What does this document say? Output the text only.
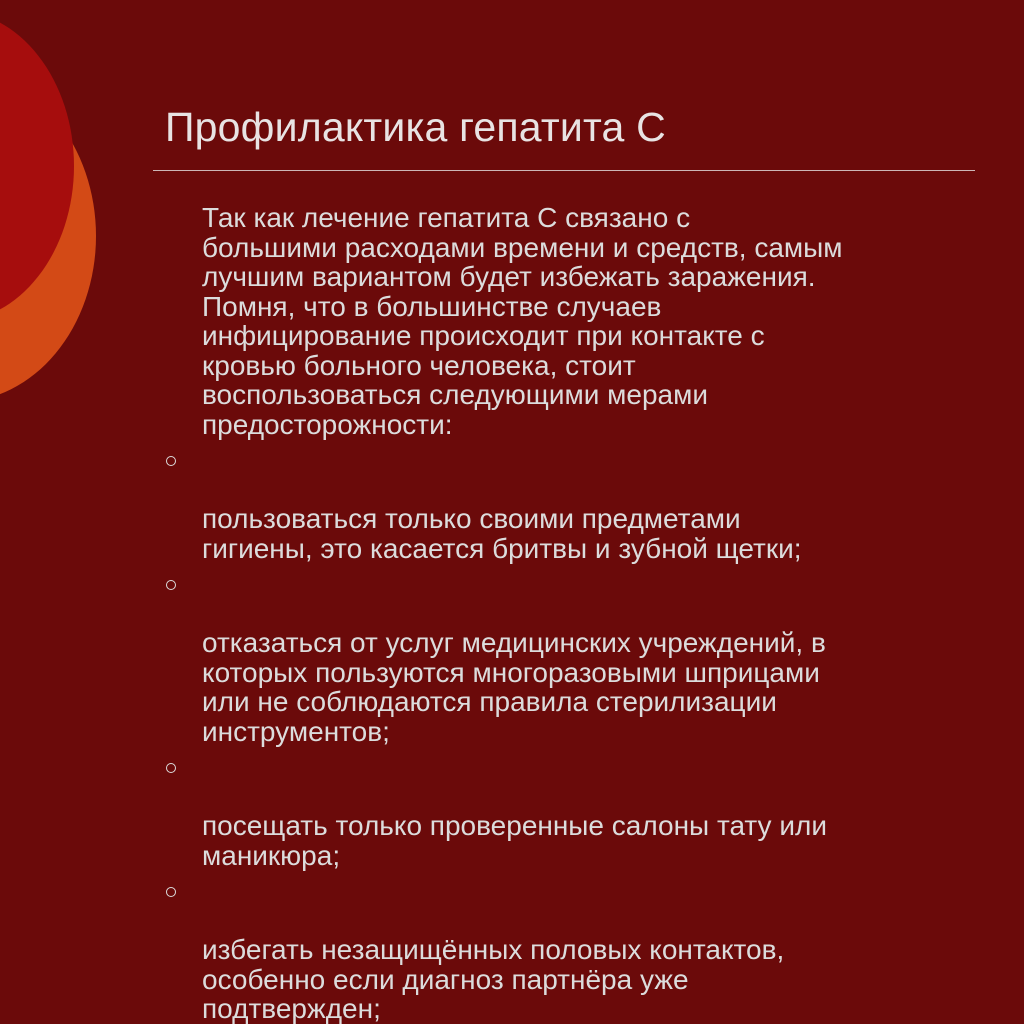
Профилактика гепатита С
Так как лечение гепатита С связано с
большими расходами времени и средств, самым
лучшим вариантом будет избежать заражения.
Помня, что в большинстве случаев
инфицирование происходит при контакте с
кровью больного человека, стоит
воспользоваться следующими мерами
предосторожности:

пользоваться только своими предметами
гигиены, это касается бритвы и зубной щетки;

отказаться от услуг медицинских учреждений, в
которых пользуются многоразовыми шприцами
или не соблюдаются правила стерилизации
инструментов;

посещать только проверенные салоны тату или
маникюра;

избегать незащищённых половых контактов,
особенно если диагноз партнёра уже
подтвержден;
